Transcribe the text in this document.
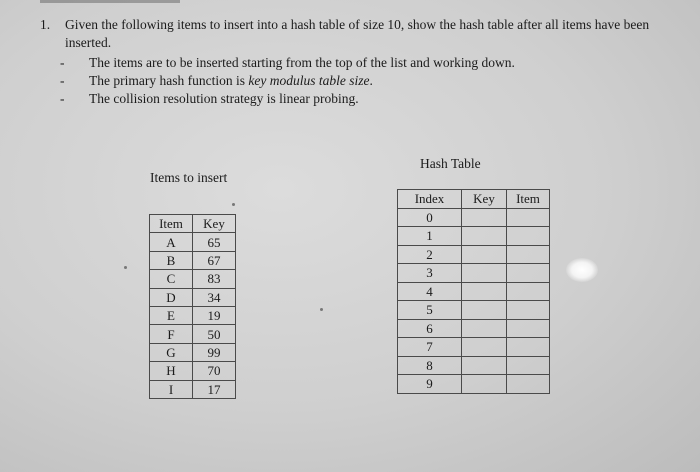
1. Given the following items to insert into a hash table of size 10, show the hash table after all items have been inserted.
- The items are to be inserted starting from the top of the list and working down.
- The primary hash function is key modulus table size.
- The collision resolution strategy is linear probing.
Items to insert
Hash Table
Item	Key
A	65
B	67
C	83
D	34
E	19
F	50
G	99
H	70
I	17
Index	Key	Item
0		
1		
2		
3		
4		
5		
6		
7		
8		
9		
